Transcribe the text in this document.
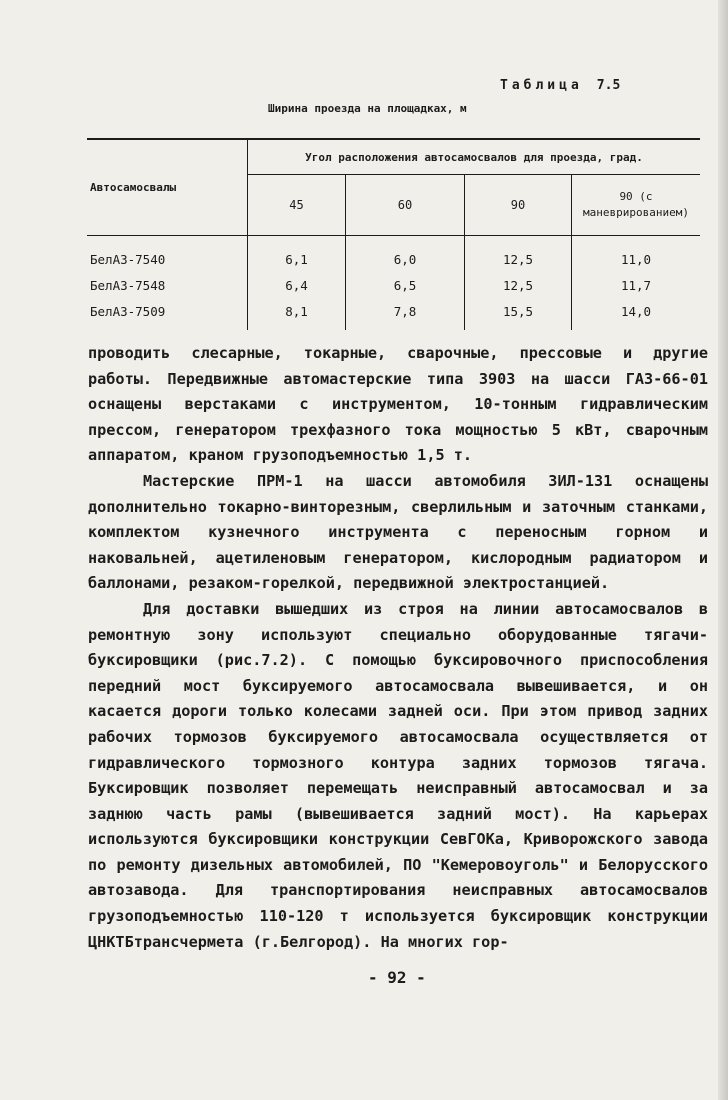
Таблица 7.5
Ширина проезда на площадках, м
Автосамосвалы	Угол расположения автосамосвалов для проезда, град.			
	45	60	90	90 (с маневрированием)
БелАЗ-7540	6,1	6,0	12,5	11,0
БелАЗ-7548	6,4	6,5	12,5	11,7
БелАЗ-7509	8,1	7,8	15,5	14,0

проводить слесарные, токарные, сварочные, прессовые и другие работы. Передвижные автомастерские типа 3903 на шасси ГАЗ-66-01 оснащены верстаками с инструментом, 10-тонным гидравлическим прессом, генератором трехфазного тока мощностью 5 кВт, сварочным аппаратом, краном грузоподъемностью 1,5 т.

Мастерские ПРМ-1 на шасси автомобиля ЗИЛ-131 оснащены дополнительно токарно-винторезным, сверлильным и заточным станками, комплектом кузнечного инструмента с переносным горном и наковальней, ацетиленовым генератором, кислородным радиатором и баллонами, резаком-горелкой, передвижной электростанцией.

Для доставки вышедших из строя на линии автосамосвалов в ремонтную зону используют специально оборудованные тягачи-буксировщики (рис.7.2). С помощью буксировочного приспособления передний мост буксируемого автосамосвала вывешивается, и он касается дороги только колесами задней оси. При этом привод задних рабочих тормозов буксируемого автосамосвала осуществляется от гидравлического тормозного контура задних тормозов тягача. Буксировщик позволяет перемещать неисправный автосамосвал и за заднюю часть рамы (вывешивается задний мост). На карьерах используются буксировщики конструкции СевГОКа, Криворожского завода по ремонту дизельных автомобилей, ПО "Кемеровоуголь" и Белорусского автозавода. Для транспортирования неисправных автосамосвалов грузоподъемностью 110-120 т используется буксировщик конструкции ЦНКТБтрансчермета (г.Белгород). На многих гор-

- 92 -
